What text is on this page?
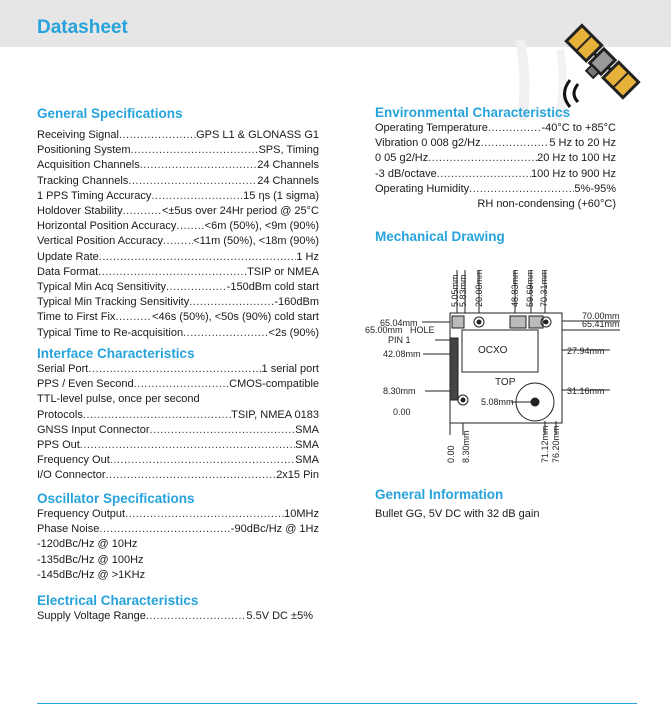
Datasheet
General Specifications
Receiving Signal .....	GPS L1 & GLONASS G1
Positioning System .....	SPS, Timing
Acquisition Channels .....	24 Channels
Tracking Channels .....	24 Channels
1 PPS Timing Accuracy .....	.15 ηs (1 sigma)
Holdover Stability .....	<±5us over 24Hr period @ 25°C
Horizontal Position Accuracy .....	<6m (50%), <9m (90%)
Vertical Position Accuracy .....	<11m (50%), <18m (90%)
Update Rate .....	1 Hz
Data Format .....	TSIP or NMEA
Typical Min Acq Sensitivity .....	-150dBm cold start
Typical Min Tracking Sensitivity .....	-160dBm
Time to First Fix .....	<46s (50%), <50s (90%) cold start
Typical Time to Re-acquisition .....	<2s (90%)
Interface Characteristics
Serial Port .....	1 serial port
PPS / Even Second .....	CMOS-compatible
TTL-level pulse, once per second
Protocols .....	TSIP, NMEA 0183
GNSS Input Connector .....	SMA
PPS Out .....	SMA
Frequency Out .....	SMA
I/O Connector .....	2x15 Pin
Oscillator Specifications
Frequency Output .....	10MHz
Phase Noise .....	-90dBc/Hz @ 1Hz
-120dBc/Hz @ 10Hz
-135dBc/Hz @ 100Hz
-145dBc/Hz @ >1KHz
Electrical Characteristics
Supply Voltage Range .....	5.5V DC ±5%
Environmental Characteristics
Operating Temperature .....	-40°C to +85°C
Vibration 0 008 g2/Hz .....	5 Hz to 20 Hz
0 05 g2/Hz .....	20 Hz to 100 Hz
-3 dB/octave .....	100 Hz to 900 Hz
Operating Humidity .....	5%-95%
RH non-condensing (+60°C)
Mechanical Drawing
5.05mm
5.83mm 20.00mm	48.83mm 59.69mm 70.31mm
0.00 8.30mm	71.12mm 76.20mm
65.04mm
65.00mm HOLE
PIN 1
42.08mm
8.30mm
0.00
70.00mm
65.41mm
27.94mm
31.16mm
OCXO
TOP
5.08mm
General Information
Bullet GG, 5V DC with 32 dB gain
